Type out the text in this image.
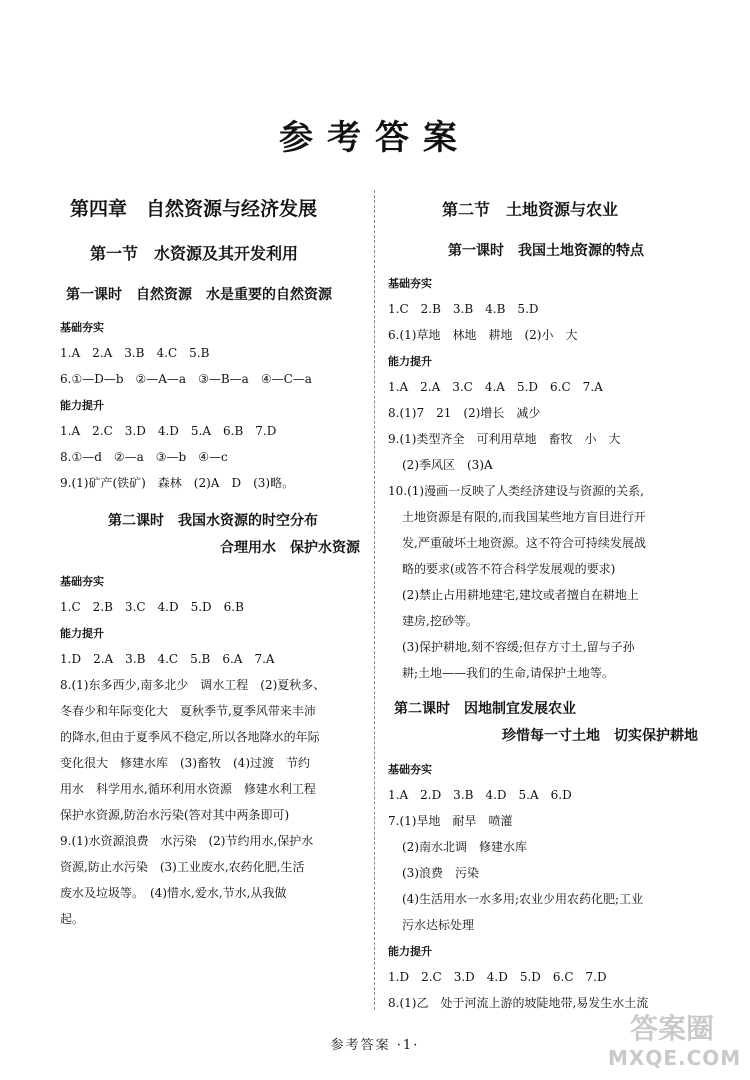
参考答案
第四章　自然资源与经济发展
第一节　水资源及其开发利用
第一课时　自然资源　水是重要的自然资源
基础夯实
1.A　2.A　3.B　4.C　5.B
6.①—D—b　②—A—a　③—B—a　④—C—a
能力提升
1.A　2.C　3.D　4.D　5.A　6.B　7.D
8.①—d　②—a　③—b　④—c
9.(1)矿产(铁矿)　森林　(2)A　D　(3)略。
第二课时　我国水资源的时空分布
合理用水　保护水资源
基础夯实
1.C　2.B　3.C　4.D　5.D　6.B
能力提升
1.D　2.A　3.B　4.C　5.B　6.A　7.A
8.(1)东多西少,南多北少　调水工程　(2)夏秋多、
冬春少和年际变化大　夏秋季节,夏季风带来丰沛
的降水,但由于夏季风不稳定,所以各地降水的年际
变化很大　修建水库　(3)畜牧　(4)过渡　节约
用水　科学用水,循环利用水资源　修建水利工程
保护水资源,防治水污染(答对其中两条即可)
9.(1)水资源浪费　水污染　(2)节约用水,保护水
资源,防止水污染　(3)工业废水,农药化肥,生活
废水及垃圾等。　(4)惜水,爱水,节水,从我做
起。
第二节　土地资源与农业
第一课时　我国土地资源的特点
基础夯实
1.C　2.B　3.B　4.B　5.D
6.(1)草地　林地　耕地　(2)小　大
能力提升
1.A　2.A　3.C　4.A　5.D　6.C　7.A
8.(1)7　21　(2)增长　减少
9.(1)类型齐全　可利用草地　畜牧　小　大
(2)季风区　(3)A
10.(1)漫画一反映了人类经济建设与资源的关系,
土地资源是有限的,而我国某些地方盲目进行开
发,严重破坏土地资源。这不符合可持续发展战
略的要求(或答不符合科学发展观的要求)
(2)禁止占用耕地建宅,建坟或者擅自在耕地上
建房,挖砂等。
(3)保护耕地,刻不容缓;但存方寸土,留与子孙
耕;土地——我们的生命,请保护土地等。
第二课时　因地制宜发展农业
珍惜每一寸土地　切实保护耕地
基础夯实
1.A　2.D　3.B　4.D　5.A　6.D
7.(1)旱地　耐旱　喷灌
(2)南水北调　修建水库
(3)浪费　污染
(4)生活用水一水多用;农业少用农药化肥;工业
污水达标处理
能力提升
1.D　2.C　3.D　4.D　5.D　6.C　7.D
8.(1)乙　处于河流上游的坡陡地带,易发生水土流
参考答案 ·1·
答案圈
MXQE.COM
